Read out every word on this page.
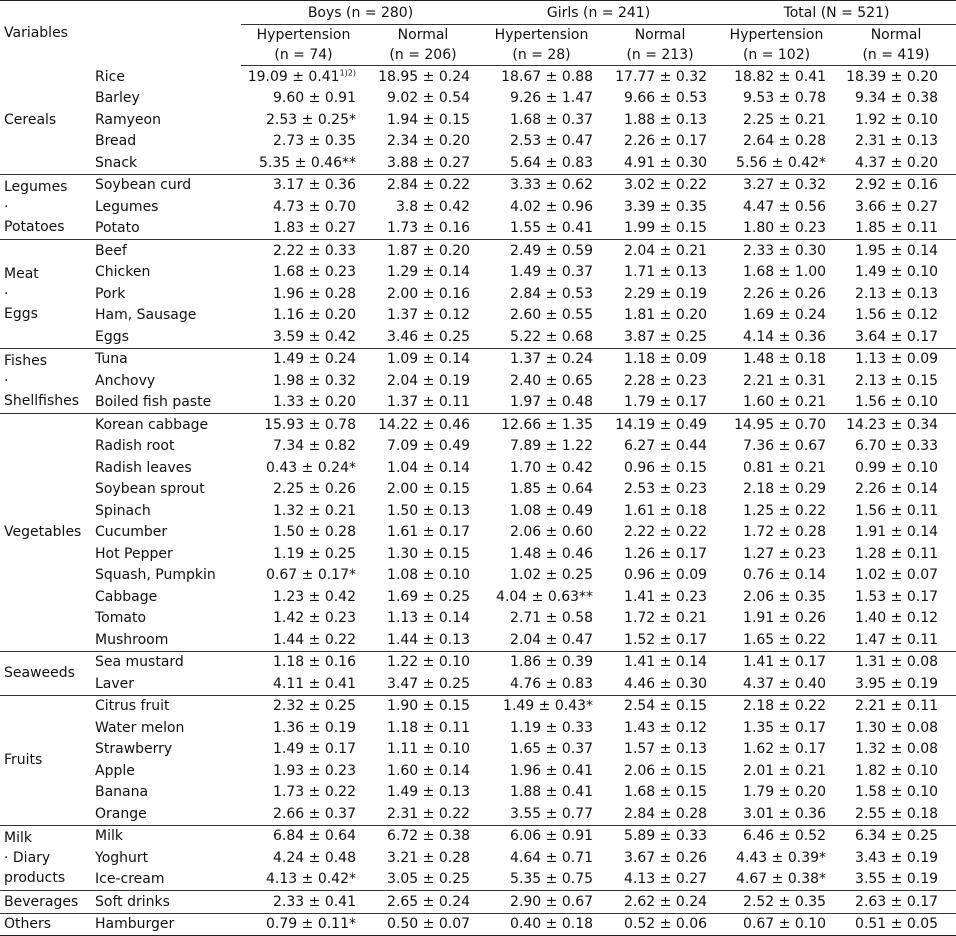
Variables		Boys (n = 280)		Girls (n = 241)		Total (N = 521)	
		Hypertension	Normal	Hypertension	Normal	Hypertension	Normal
		(n = 74)	(n = 206)	(n = 28)	(n = 213)	(n = 102)	(n = 419)

Cereals	Rice	$19.09 \pm 0.41^{1)2)}$	18.95 ± 0.24	18.67 ± 0.88	17.77 ± 0.32	18.82 ± 0.41	18.39 ± 0.20
	Barley	9.60 ± 0.91	9.02 ± 0.54	9.26 ± 1.47	9.66 ± 0.53	9.53 ± 0.78	9.34 ± 0.38
	Ramyeon	2.53 ± 0.25*	1.94 ± 0.15	1.68 ± 0.37	1.88 ± 0.13	2.25 ± 0.21	1.92 ± 0.10
	Bread	2.73 ± 0.35	2.34 ± 0.20	2.53 ± 0.47	2.26 ± 0.17	2.64 ± 0.28	2.31 ± 0.13
	Snack	5.35 ± 0.46**	3.88 ± 0.27	5.64 ± 0.83	4.91 ± 0.30	5.56 ± 0.42*	4.37 ± 0.20

Legumes
·
Potatoes	Soybean curd	3.17 ± 0.36	2.84 ± 0.22	3.33 ± 0.62	3.02 ± 0.22	3.27 ± 0.32	2.92 ± 0.16
	Legumes	4.73 ± 0.70	3.8 ± 0.42	4.02 ± 0.96	3.39 ± 0.35	4.47 ± 0.56	3.66 ± 0.27
	Potato	1.83 ± 0.27	1.73 ± 0.16	1.55 ± 0.41	1.99 ± 0.15	1.80 ± 0.23	1.85 ± 0.11

Meat
·
Eggs	Beef	2.22 ± 0.33	1.87 ± 0.20	2.49 ± 0.59	2.04 ± 0.21	2.33 ± 0.30	1.95 ± 0.14
	Chicken	1.68 ± 0.23	1.29 ± 0.14	1.49 ± 0.37	1.71 ± 0.13	1.68 ± 1.00	1.49 ± 0.10
	Pork	1.96 ± 0.28	2.00 ± 0.16	2.84 ± 0.53	2.29 ± 0.19	2.26 ± 0.26	2.13 ± 0.13
	Ham, Sausage	1.16 ± 0.20	1.37 ± 0.12	2.60 ± 0.55	1.81 ± 0.20	1.69 ± 0.24	1.56 ± 0.12
	Eggs	3.59 ± 0.42	3.46 ± 0.25	5.22 ± 0.68	3.87 ± 0.25	4.14 ± 0.36	3.64 ± 0.17

Fishes
·
Shellfishes	Tuna	1.49 ± 0.24	1.09 ± 0.14	1.37 ± 0.24	1.18 ± 0.09	1.48 ± 0.18	1.13 ± 0.09
	Anchovy	1.98 ± 0.32	2.04 ± 0.19	2.40 ± 0.65	2.28 ± 0.23	2.21 ± 0.31	2.13 ± 0.15
	Boiled fish paste	1.33 ± 0.20	1.37 ± 0.11	1.97 ± 0.48	1.79 ± 0.17	1.60 ± 0.21	1.56 ± 0.10

Vegetables	Korean cabbage	15.93 ± 0.78	14.22 ± 0.46	12.66 ± 1.35	14.19 ± 0.49	14.95 ± 0.70	14.23 ± 0.34
	Radish root	7.34 ± 0.82	7.09 ± 0.49	7.89 ± 1.22	6.27 ± 0.44	7.36 ± 0.67	6.70 ± 0.33
	Radish leaves	0.43 ± 0.24*	1.04 ± 0.14	1.70 ± 0.42	0.96 ± 0.15	0.81 ± 0.21	0.99 ± 0.10
	Soybean sprout	2.25 ± 0.26	2.00 ± 0.15	1.85 ± 0.64	2.53 ± 0.23	2.18 ± 0.29	2.26 ± 0.14
	Spinach	1.32 ± 0.21	1.50 ± 0.13	1.08 ± 0.49	1.61 ± 0.18	1.25 ± 0.22	1.56 ± 0.11
	Cucumber	1.50 ± 0.28	1.61 ± 0.17	2.06 ± 0.60	2.22 ± 0.22	1.72 ± 0.28	1.91 ± 0.14
	Hot Pepper	1.19 ± 0.25	1.30 ± 0.15	1.48 ± 0.46	1.26 ± 0.17	1.27 ± 0.23	1.28 ± 0.11
	Squash, Pumpkin	0.67 ± 0.17*	1.08 ± 0.10	1.02 ± 0.25	0.96 ± 0.09	0.76 ± 0.14	1.02 ± 0.07
	Cabbage	1.23 ± 0.42	1.69 ± 0.25	4.04 ± 0.63**	1.41 ± 0.23	2.06 ± 0.35	1.53 ± 0.17
	Tomato	1.42 ± 0.23	1.13 ± 0.14	2.71 ± 0.58	1.72 ± 0.21	1.91 ± 0.26	1.40 ± 0.12
	Mushroom	1.44 ± 0.22	1.44 ± 0.13	2.04 ± 0.47	1.52 ± 0.17	1.65 ± 0.22	1.47 ± 0.11

Seaweeds	Sea mustard	1.18 ± 0.16	1.22 ± 0.10	1.86 ± 0.39	1.41 ± 0.14	1.41 ± 0.17	1.31 ± 0.08
	Laver	4.11 ± 0.41	3.47 ± 0.25	4.76 ± 0.83	4.46 ± 0.30	4.37 ± 0.40	3.95 ± 0.19

Fruits	Citrus fruit	2.32 ± 0.25	1.90 ± 0.15	1.49 ± 0.43*	2.54 ± 0.15	2.18 ± 0.22	2.21 ± 0.11
	Water melon	1.36 ± 0.19	1.18 ± 0.11	1.19 ± 0.33	1.43 ± 0.12	1.35 ± 0.17	1.30 ± 0.08
	Strawberry	1.49 ± 0.17	1.11 ± 0.10	1.65 ± 0.37	1.57 ± 0.13	1.62 ± 0.17	1.32 ± 0.08
	Apple	1.93 ± 0.23	1.60 ± 0.14	1.96 ± 0.41	2.06 ± 0.15	2.01 ± 0.21	1.82 ± 0.10
	Banana	1.73 ± 0.22	1.49 ± 0.13	1.88 ± 0.41	1.68 ± 0.15	1.79 ± 0.20	1.58 ± 0.10
	Orange	2.66 ± 0.37	2.31 ± 0.22	3.55 ± 0.77	2.84 ± 0.28	3.01 ± 0.36	2.55 ± 0.18

Milk
· Diary
products	Milk	6.84 ± 0.64	6.72 ± 0.38	6.06 ± 0.91	5.89 ± 0.33	6.46 ± 0.52	6.34 ± 0.25
	Yoghurt	4.24 ± 0.48	3.21 ± 0.28	4.64 ± 0.71	3.67 ± 0.26	4.43 ± 0.39*	3.43 ± 0.19
	Ice-cream	4.13 ± 0.42*	3.05 ± 0.25	5.35 ± 0.75	4.13 ± 0.27	4.67 ± 0.38*	3.55 ± 0.19

Beverages	Soft drinks	2.33 ± 0.41	2.65 ± 0.24	2.90 ± 0.67	2.62 ± 0.24	2.52 ± 0.35	2.63 ± 0.17

Others	Hamburger	0.79 ± 0.11*	0.50 ± 0.07	0.40 ± 0.18	0.52 ± 0.06	0.67 ± 0.10	0.51 ± 0.05
